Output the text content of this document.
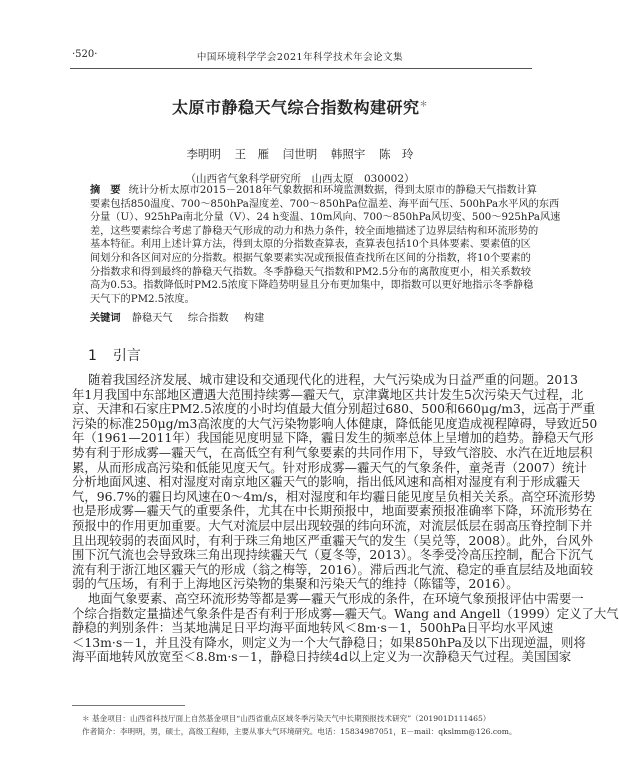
·520·	中国环境科学学会2021年科学技术年会论文集
太原市静稳天气综合指数构建研究＊
李明明 王　雁 闫世明 韩照宇 陈　玲
（山西省气象科学研究所　山西太原　030002）
摘　要 统计分析太原市2015－2018年气象数据和环境监测数据，得到太原市的静稳天气指数计算
要素包括850温度、700～850hPa湿度差、700～850hPa位温差、海平面气压、500hPa水平风的东西
分量（U）、925hPa南北分量（V）、24 h变温、10m风向、700～850hPa风切变、500～925hPa风速
差，这些要素综合考虑了静稳天气形成的动力和热力条件，较全面地描述了边界层结构和环流形势的
基本特征。利用上述计算方法，得到太原的分指数查算表，查算表包括10个具体要素、要素值的区
间划分和各区间对应的分指数。根据气象要素实况或预报值查找所在区间的分指数，将10个要素的
分指数求和得到最终的静稳天气指数。冬季静稳天气指数和PM2.5分布的离散度更小，相关系数较
高为0.53。指数降低时PM2.5浓度下降趋势明显且分布更加集中，即指数可以更好地指示冬季静稳
天气下的PM2.5浓度。
关键词 静稳天气 综合指数 构建
1 引言
随着我国经济发展、城市建设和交通现代化的进程，大气污染成为日益严重的问题。2013
年1月我国中东部地区遭遇大范围持续雾—霾天气，京津冀地区共计发生5次污染天气过程，北
京、天津和石家庄PM2.5浓度的小时均值最大值分别超过680、500和660μg/m3，远高于严重
污染的标准250μg/m3高浓度的大气污染物影响人体健康，降低能见度造成视程障碍，导致近50
年（1961—2011年）我国能见度明显下降，霾日发生的频率总体上呈增加的趋势。静稳天气形
势有利于形成雾—霾天气，在高低空有利气象要素的共同作用下，导致气溶胶、水汽在近地层积
累，从而形成高污染和低能见度天气。针对形成雾—霾天气的气象条件，童尧青（2007）统计
分析地面风速、相对湿度对南京地区霾天气的影响，指出低风速和高相对湿度有利于形成霾天
气，96.7%的霾日均风速在0～4m/s，相对湿度和年均霾日能见度呈负相关关系。高空环流形势
也是形成雾—霾天气的重要条件，尤其在中长期预报中，地面要素预报准确率下降，环流形势在
预报中的作用更加重要。大气对流层中层出现较强的纬向环流，对流层低层在弱高压脊控制下并
且出现较弱的表面风时，有利于珠三角地区严重霾天气的发生（吴兑等，2008）。此外，台风外
围下沉气流也会导致珠三角出现持续霾天气（夏冬等，2013）。冬季受冷高压控制，配合下沉气
流有利于浙江地区霾天气的形成（翁之梅等，2016）。滞后西北气流、稳定的垂直层结及地面较
弱的气压场，有利于上海地区污染物的集聚和污染天气的维持（陈镭等，2016）。
地面气象要素、高空环流形势等都是雾—霾天气形成的条件，在环境气象预报评估中需要一
个综合指数定量描述气象条件是否有利于形成雾—霾天气。Wang and Angell（1999）定义了大气
静稳的判别条件：当某地满足日平均海平面地转风＜8m·s－1，500hPa日平均水平风速
＜13m·s－1，并且没有降水，则定义为一个大气静稳日；如果850hPa及以下出现逆温，则将
海平面地转风放宽至＜8.8m·s－1，静稳日持续4d以上定义为一次静稳天气过程。美国国家
＊ 基金项目：山西省科技厅面上自然基金项目“山西省重点区域冬季污染天气中长期预报技术研究”（201901D111465）
作者简介：李明明，男，硕士，高级工程师，主要从事大气环境研究。电话：15834987051，E－mail：qkslmm@126.com。
